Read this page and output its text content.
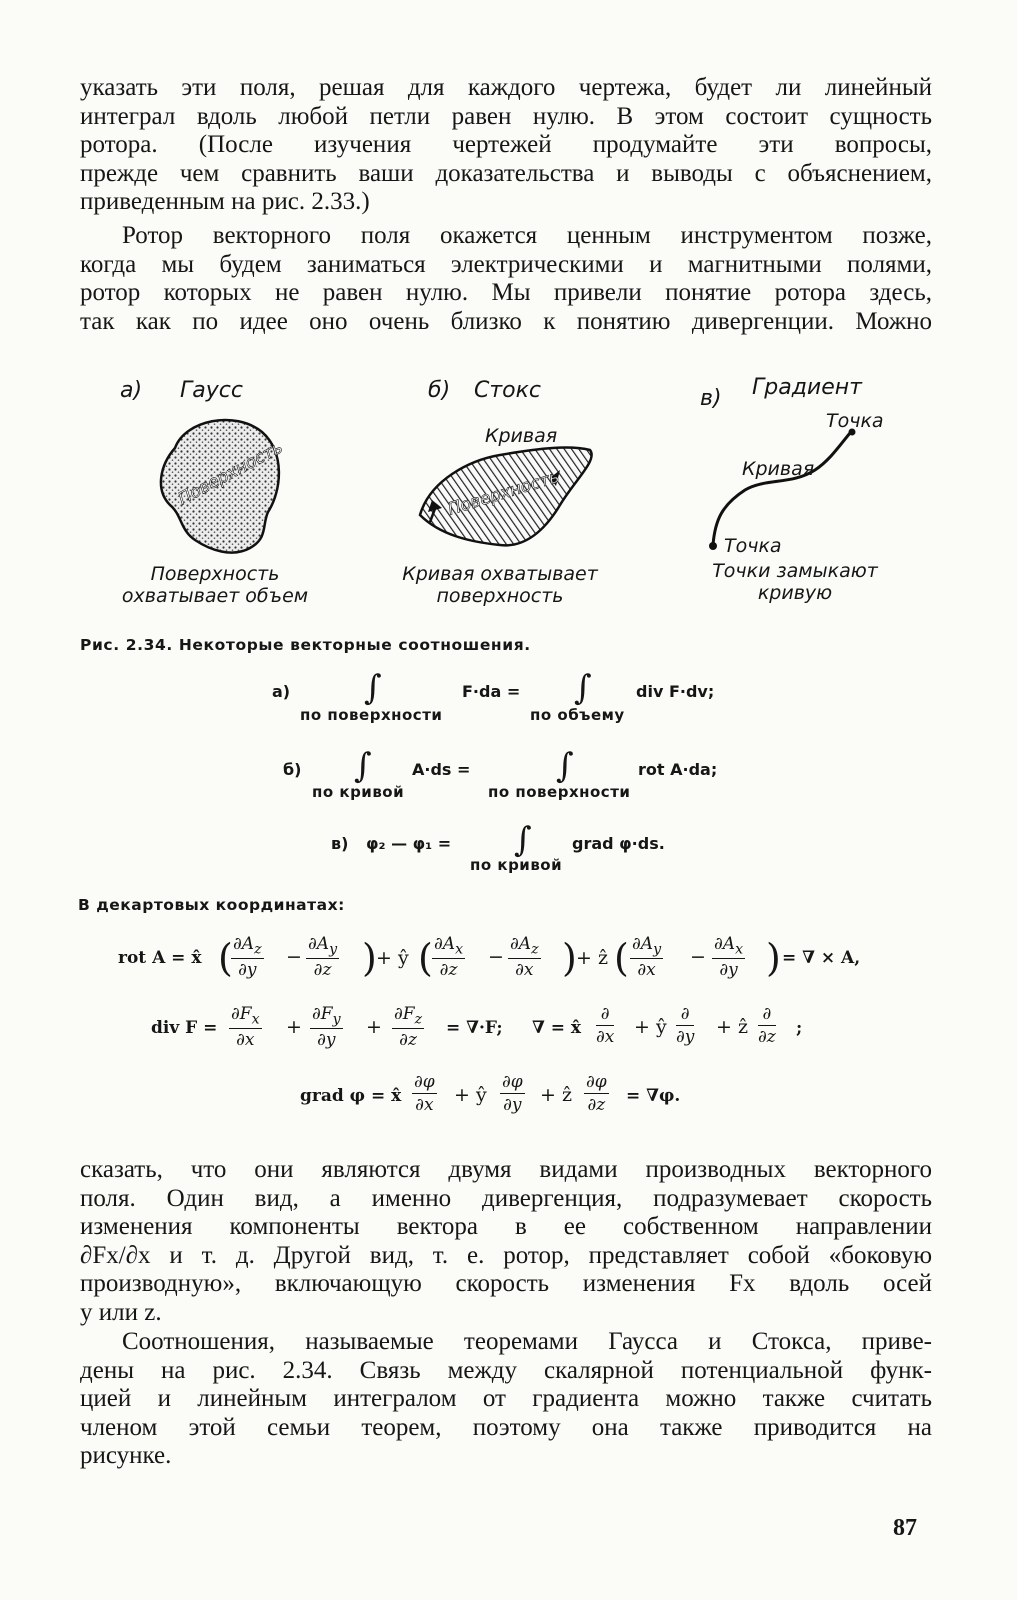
указать эти поля, решая для каждого чертежа, будет ли линейный
интеграл вдоль любой петли равен нулю. В этом состоит сущность
ротора. (После изучения чертежей продумайте эти вопросы,
прежде чем сравнить ваши доказательства и выводы с объяснением,
приведенным на рис. 2.33.)

Ротор векторного поля окажется ценным инструментом позже,
когда мы будем заниматься электрическими и магнитными полями,
ротор которых не равен нулю. Мы привели понятие ротора здесь,
так как по идее оно очень близко к понятию дивергенции. Можно

а) Гаусс	б) Стокс	в) Градиент
Поверхность	Поверхность
Кривая
Точка
Кривая
Точка
Поверхность
охватывает объем
Кривая охватывает
поверхность
Точки замыкают
кривую
Рис. 2.34. Некоторые векторные соотношения.
а) ∫	F·da = ∫	div F·dv;
по поверхности	по объему
б) ∫	A·ds =	∫	rot A·da;
по кривой	по поверхности
в) φ₂ — φ₁ = ∫	grad φ·ds.
по кривой
В декартовых координатах:
rot A = x̂ (
$\frac{\partial A_z}{\partial y} - \frac{\partial A_y}{\partial z}$ ) + ŷ ( $\frac{\partial A_x}{\partial z} - \frac{\partial A_z}{\partial x}$ ) + ẑ ( $\frac{\partial A_y}{\partial x} - \frac{\partial A_x}{\partial y}$ ) = ∇ × A,
div $F = \frac{\partial F_x}{\partial x} + \frac{\partial F_y}{\partial y} + \frac{\partial F_z}{\partial z} = \nabla\cdot F$; ∇ = x̂
∂
∂x + ŷ
∂
∂y + ẑ
∂
∂z ;
grad φ = x̂ $\frac{\partial\varphi}{\partial x}$ + ŷ $\frac{\partial\varphi}{\partial y}$ + ẑ $\frac{\partial\varphi}{\partial z} = \nabla\varphi$.

сказать, что они являются двумя видами производных векторного
поля. Один вид, а именно дивергенция, подразумевает скорость
изменения компоненты вектора в ее собственном направлении
∂Fx/∂x и т. д. Другой вид, т. е. ротор, представляет собой «боковую
производную», включающую скорость изменения Fx вдоль осей
y или z.

Соотношения, называемые теоремами Гаусса и Стокса, приве-
дены на рис. 2.34. Связь между скалярной потенциальной функ-
цией и линейным интегралом от градиента можно также считать
членом этой семьи теорем, поэтому она также приводится на
рисунке.

87
